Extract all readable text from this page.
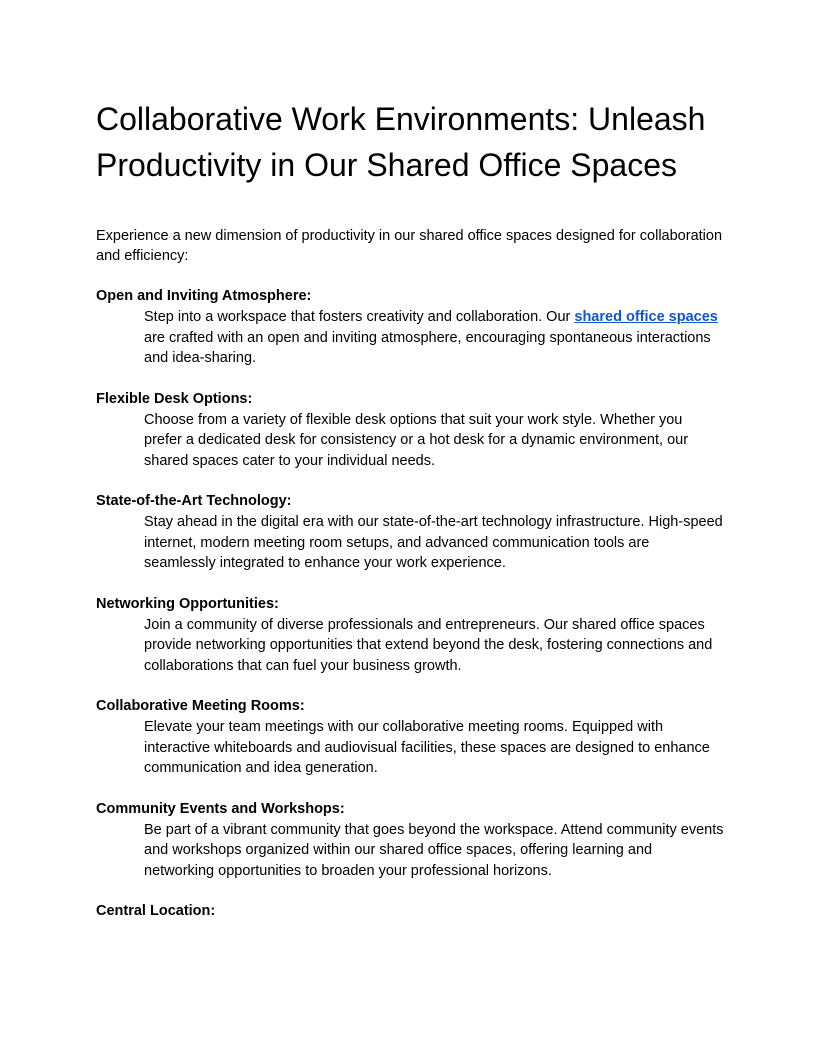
Collaborative Work Environments: Unleash Productivity in Our Shared Office Spaces

Experience a new dimension of productivity in our shared office spaces designed for collaboration and efficiency:

Open and Inviting Atmosphere:

Step into a workspace that fosters creativity and collaboration. Our shared office spaces are crafted with an open and inviting atmosphere, encouraging spontaneous interactions and idea-sharing.

Flexible Desk Options:

Choose from a variety of flexible desk options that suit your work style. Whether you prefer a dedicated desk for consistency or a hot desk for a dynamic environment, our shared spaces cater to your individual needs.

State-of-the-Art Technology:

Stay ahead in the digital era with our state-of-the-art technology infrastructure. High-speed internet, modern meeting room setups, and advanced communication tools are seamlessly integrated to enhance your work experience.

Networking Opportunities:

Join a community of diverse professionals and entrepreneurs. Our shared office spaces provide networking opportunities that extend beyond the desk, fostering connections and collaborations that can fuel your business growth.

Collaborative Meeting Rooms:

Elevate your team meetings with our collaborative meeting rooms. Equipped with interactive whiteboards and audiovisual facilities, these spaces are designed to enhance communication and idea generation.

Community Events and Workshops:

Be part of a vibrant community that goes beyond the workspace. Attend community events and workshops organized within our shared office spaces, offering learning and networking opportunities to broaden your professional horizons.

Central Location:
